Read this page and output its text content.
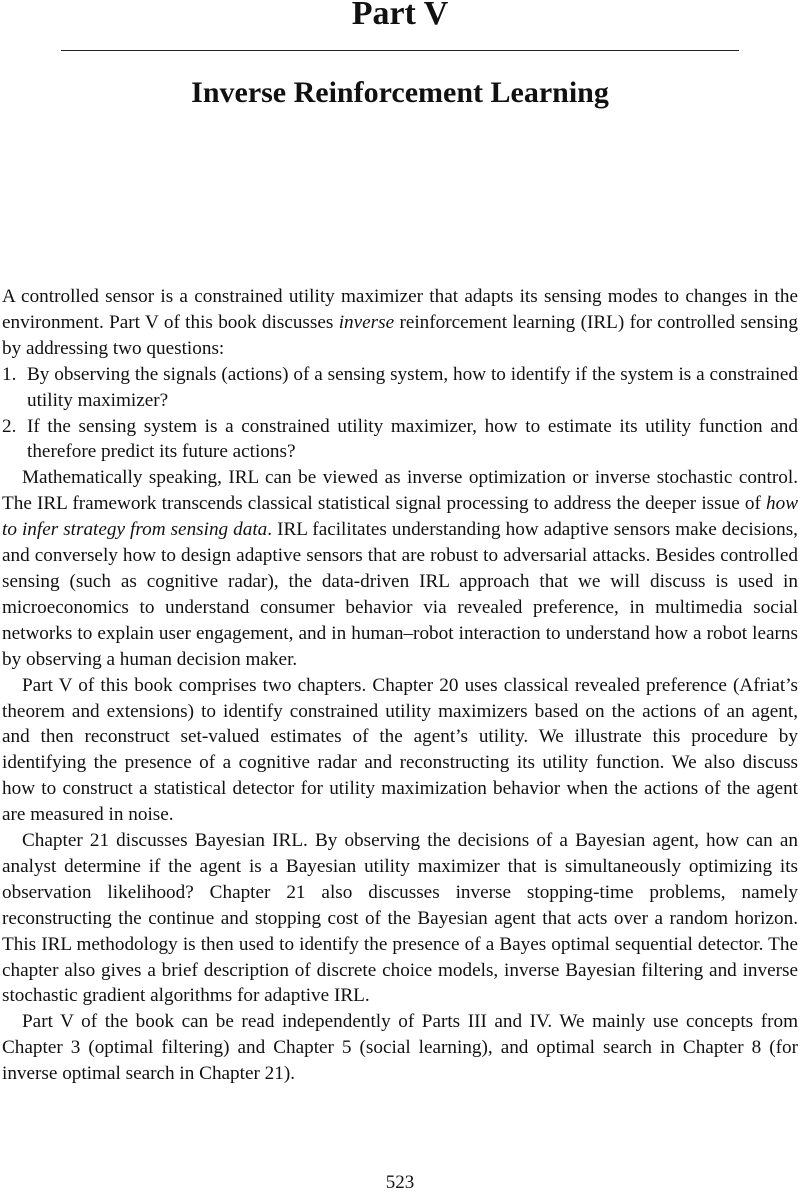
Part V
Inverse Reinforcement Learning

A controlled sensor is a constrained utility maximizer that adapts its sensing modes to changes in the environment. Part V of this book discusses inverse reinforcement learning (IRL) for controlled sensing by addressing two questions:

1. By observing the signals (actions) of a sensing system, how to identify if the system is a constrained utility maximizer?
2. If the sensing system is a constrained utility maximizer, how to estimate its utility function and therefore predict its future actions?

Mathematically speaking, IRL can be viewed as inverse optimization or inverse stochastic control. The IRL framework transcends classical statistical signal processing to address the deeper issue of how to infer strategy from sensing data. IRL facilitates understanding how adaptive sensors make decisions, and conversely how to design adaptive sensors that are robust to adversarial attacks. Besides controlled sensing (such as cognitive radar), the data-driven IRL approach that we will discuss is used in microeconomics to understand consumer behavior via revealed preference, in multimedia social networks to explain user engagement, and in human–robot interaction to understand how a robot learns by observing a human decision maker.

Part V of this book comprises two chapters. Chapter 20 uses classical revealed preference (Afriat’s theorem and extensions) to identify constrained utility maximizers based on the actions of an agent, and then reconstruct set-valued estimates of the agent’s utility. We illustrate this procedure by identifying the presence of a cognitive radar and reconstructing its utility function. We also discuss how to construct a statistical detector for utility maximization behavior when the actions of the agent are measured in noise.

Chapter 21 discusses Bayesian IRL. By observing the decisions of a Bayesian agent, how can an analyst determine if the agent is a Bayesian utility maximizer that is simultaneously optimizing its observation likelihood? Chapter 21 also discusses inverse stopping-time problems, namely reconstructing the continue and stopping cost of the Bayesian agent that acts over a random horizon. This IRL methodology is then used to identify the presence of a Bayes optimal sequential detector. The chapter also gives a brief description of discrete choice models, inverse Bayesian filtering and inverse stochastic gradient algorithms for adaptive IRL.

Part V of the book can be read independently of Parts III and IV. We mainly use concepts from Chapter 3 (optimal filtering) and Chapter 5 (social learning), and optimal search in Chapter 8 (for inverse optimal search in Chapter 21).

523
